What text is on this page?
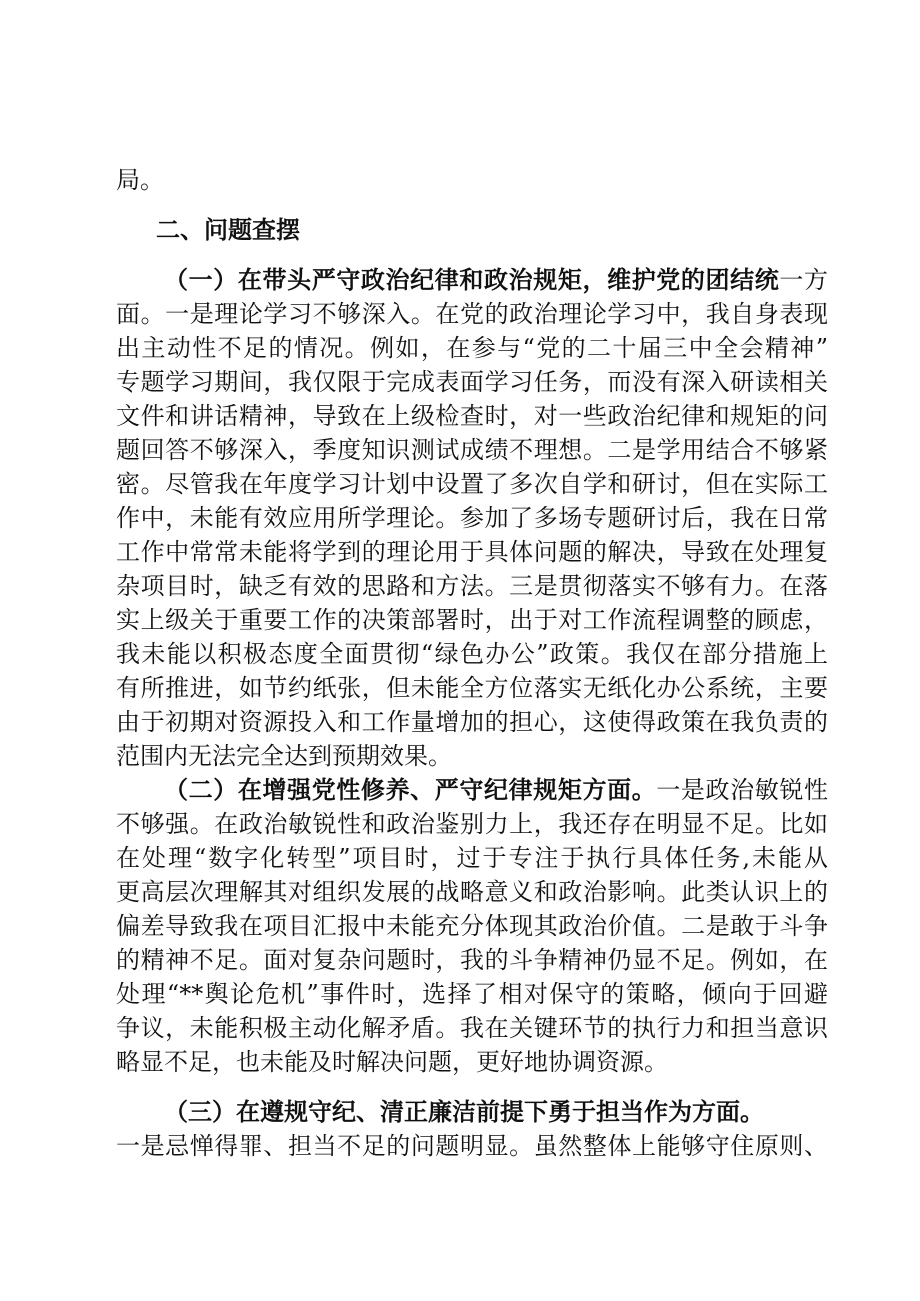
局。
二、问题查摆
（一）在带头严守政治纪律和政治规矩，维护党的团结统一方
面。一是理论学习不够深入。在党的政治理论学习中，我自身表现
出主动性不足的情况。例如，在参与“党的二十届三中全会精神”
专题学习期间，我仅限于完成表面学习任务，而没有深入研读相关
文件和讲话精神，导致在上级检查时，对一些政治纪律和规矩的问
题回答不够深入，季度知识测试成绩不理想。二是学用结合不够紧
密。尽管我在年度学习计划中设置了多次自学和研讨，但在实际工
作中，未能有效应用所学理论。参加了多场专题研讨后，我在日常
工作中常常未能将学到的理论用于具体问题的解决，导致在处理复
杂项目时，缺乏有效的思路和方法。三是贯彻落实不够有力。在落
实上级关于重要工作的决策部署时，出于对工作流程调整的顾虑，
我未能以积极态度全面贯彻“绿色办公”政策。我仅在部分措施上
有所推进，如节约纸张，但未能全方位落实无纸化办公系统，主要
由于初期对资源投入和工作量增加的担心，这使得政策在我负责的
范围内无法完全达到预期效果。
（二）在增强党性修养、严守纪律规矩方面。一是政治敏锐性
不够强。在政治敏锐性和政治鉴别力上，我还存在明显不足。比如
在处理“数字化转型”项目时，过于专注于执行具体任务,未能从
更高层次理解其对组织发展的战略意义和政治影响。此类认识上的
偏差导致我在项目汇报中未能充分体现其政治价值。二是敢于斗争
的精神不足。面对复杂问题时，我的斗争精神仍显不足。例如，在
处理“**舆论危机”事件时，选择了相对保守的策略，倾向于回避
争议，未能积极主动化解矛盾。我在关键环节的执行力和担当意识
略显不足，也未能及时解决问题，更好地协调资源。
（三）在遵规守纪、清正廉洁前提下勇于担当作为方面。
一是忌惮得罪、担当不足的问题明显。虽然整体上能够守住原则、
